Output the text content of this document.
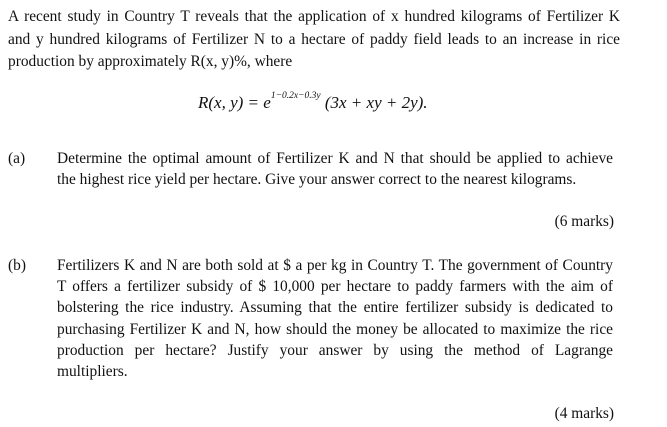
A recent study in Country T reveals that the application of x hundred kilograms of Fertilizer K
and y hundred kilograms of Fertilizer N to a hectare of paddy field leads to an increase in rice
production by approximately R(x, y)%, where
R(x, $y) = e^{1-0.2x-0.3y}$ (3x + xy + 2y).
(a) Determine the optimal amount of Fertilizer K and N that should be applied to achieve
the highest rice yield per hectare. Give your answer correct to the nearest kilograms.
(6 marks)
(b) Fertilizers K and N are both sold at $ a per kg in Country T. The government of Country
T offers a fertilizer subsidy of $ 10,000 per hectare to paddy farmers with the aim of
bolstering the rice industry. Assuming that the entire fertilizer subsidy is dedicated to
purchasing Fertilizer K and N, how should the money be allocated to maximize the rice
production per hectare? Justify your answer by using the method of Lagrange
multipliers.
(4 marks)
